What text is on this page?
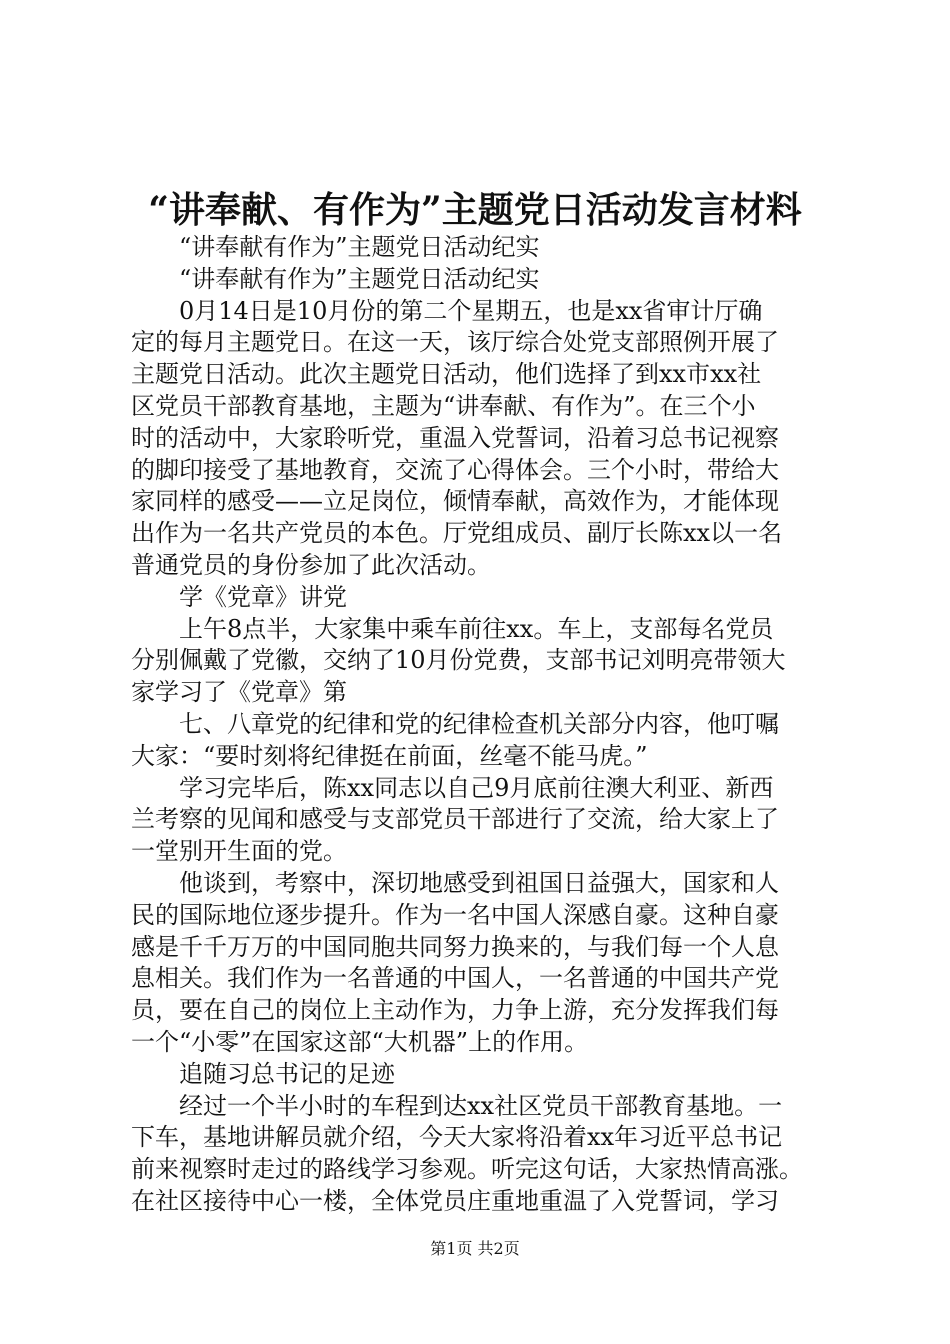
“讲奉献、有作为”主题党日活动发言材料
“讲奉献有作为”主题党日活动纪实
“讲奉献有作为”主题党日活动纪实
0月14日是10月份的第二个星期五，也是xx省审计厅确
定的每月主题党日。在这一天，该厅综合处党支部照例开展了
主题党日活动。此次主题党日活动，他们选择了到xx市xx社
区党员干部教育基地，主题为“讲奉献、有作为”。在三个小
时的活动中，大家聆听党，重温入党誓词，沿着习总书记视察
的脚印接受了基地教育，交流了心得体会。三个小时，带给大
家同样的感受——立足岗位，倾情奉献，高效作为，才能体现
出作为一名共产党员的本色。厅党组成员、副厅长陈xx以一名
普通党员的身份参加了此次活动。
学《党章》讲党
上午8点半，大家集中乘车前往xx。车上，支部每名党员
分别佩戴了党徽，交纳了10月份党费，支部书记刘明亮带领大
家学习了《党章》第
七、八章党的纪律和党的纪律检查机关部分内容，他叮嘱
大家：“要时刻将纪律挺在前面，丝毫不能马虎。”
学习完毕后，陈xx同志以自己9月底前往澳大利亚、新西
兰考察的见闻和感受与支部党员干部进行了交流，给大家上了
一堂别开生面的党。
他谈到，考察中，深切地感受到祖国日益强大，国家和人
民的国际地位逐步提升。作为一名中国人深感自豪。这种自豪
感是千千万万的中国同胞共同努力换来的，与我们每一个人息
息相关。我们作为一名普通的中国人，一名普通的中国共产党
员，要在自己的岗位上主动作为，力争上游，充分发挥我们每
一个“小零”在国家这部“大机器”上的作用。
追随习总书记的足迹
经过一个半小时的车程到达xx社区党员干部教育基地。一
下车，基地讲解员就介绍，今天大家将沿着xx年习近平总书记
前来视察时走过的路线学习参观。听完这句话，大家热情高涨。
在社区接待中心一楼，全体党员庄重地重温了入党誓词，学习
第1页 共2页
